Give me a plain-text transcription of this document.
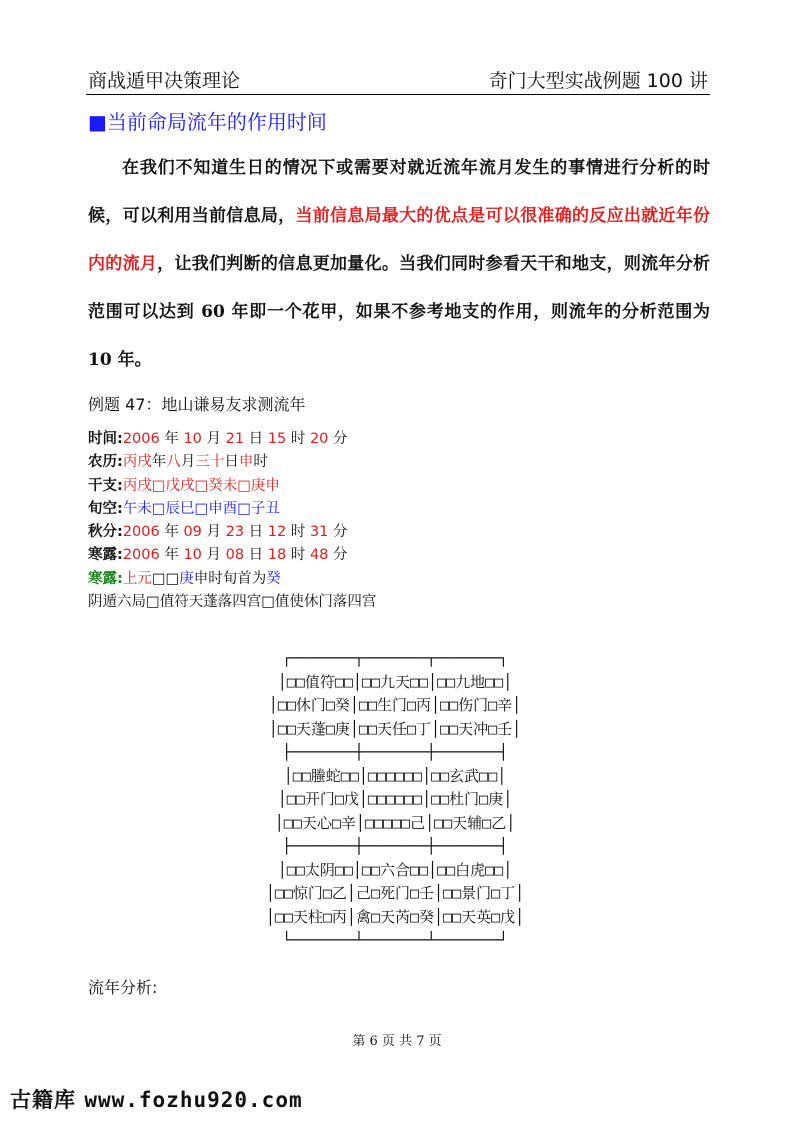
商战遁甲决策理论	奇门大型实战例题 100 讲
■当前命局流年的作用时间
在我们不知道生日的情况下或需要对就近流年流月发生的事情进行分析的时候，可以利用当前信息局，当前信息局最大的优点是可以很准确的反应出就近年份内的流月，让我们判断的信息更加量化。当我们同时参看天干和地支，则流年分析范围可以达到 60 年即一个花甲，如果不参考地支的作用，则流年的分析范围为 10 年。
例题 47：地山谦易友求测流年
时间:2006 年 10 月 21 日 15 时 20 分
农历:丙戌年八月三十日申时
干支:丙戌□戊戌□癸未□庚申
旬空:午未□辰巳□申酉□子丑
秋分:2006 年 09 月 23 日 12 时 31 分
寒露:2006 年 10 月 08 日 18 时 48 分
寒露:上元□□庚申时旬首为癸
阴遁六局□值符天蓬落四宫□值使休门落四宫
┌───────┬───────┬───────┐
│□□值符□□│□□九天□□│□□九地□□│
│□□休门□癸│□□生门□丙│□□伤门□辛│
│□□天蓬□庚│□□天任□丁│□□天冲□壬│
├───────┼───────┼───────┤
│□□螣蛇□□│□□□□□□│□□玄武□□│
│□□开门□戊│□□□□□□│□□杜门□庚│
│□□天心□辛│□□□□□己│□□天辅□乙│
├───────┼───────┼───────┤
│□□太阴□□│□□六合□□│□□白虎□□│
│□□惊门□乙│己□死门□壬│□□景门□丁│
│□□天柱□丙│禽□天芮□癸│□□天英□戊│
└───────┴───────┴───────┘
流年分析:
第 6 页 共 7 页
古籍库 www.fozhu920.com
